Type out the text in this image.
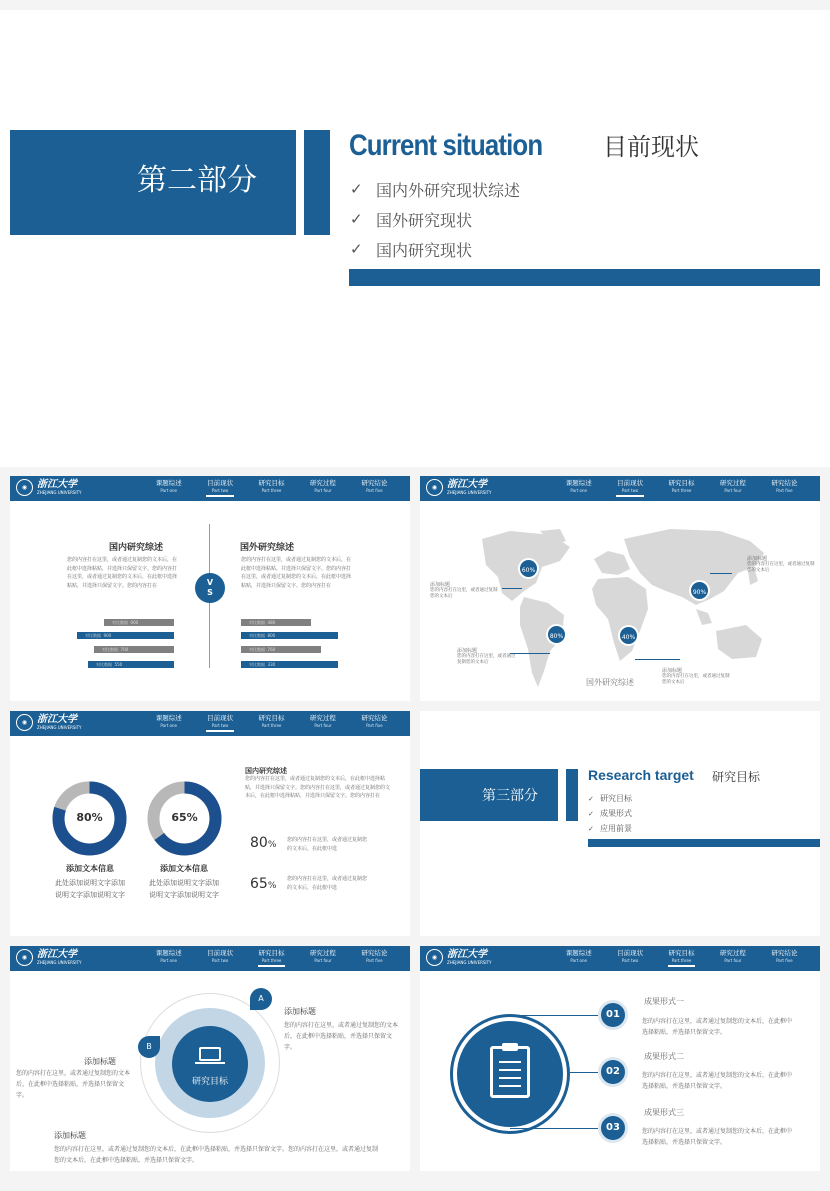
第二部分
Current situation	目前现状
✓ 国内外研究现状综述
✓ 国外研究现状
✓ 国内研究现状
◉ 浙江大学
ZHEJIANG UNIVERSITY
课题综述
Part one
目前现状
Part two
研究目标
Part three
研究过程
Part four
研究结论
Part five
国内研究综述
您的内容打在这里，或者通过复制您的文本后，在此框中选择粘贴，并选择只保留文字。您的内容打在这里，或者通过复制您的文本后，在此框中选择粘贴，并选择只保留文字。您的内容打在
国外研究综述
您的内容打在这里，或者通过复制您的文本后，在此框中选择粘贴，并选择只保留文字。您的内容打在这里，或者通过复制您的文本后，在此框中选择粘贴，并选择只保留文字。您的内容打在
V
S
对比数据 000
对比数据 900
对比数据 700
对比数据 550
对比数据 480
对比数据 800
对比数据 760
对比数据 330
◉ 浙江大学
ZHEJIANG UNIVERSITY
课题综述
Part one
目前现状
Part two
研究目标
Part three
研究过程
Part four
研究结论
Part five
60%
90%
80%	40%
添加标题
您的内容打在这里，或者通过复制您的文本后
添加标题
您的内容打在这里，或者通过复制您的文本后
添加标题
您的内容打在这里，或者通过复制您的文本后
添加标题
您的内容打在这里，或者通过复制您的文本后
国外研究综述
◉ 浙江大学
ZHEJIANG UNIVERSITY
课题综述
Part one
目前现状
Part two
研究目标
Part three
研究过程
Part four
研究结论
Part five
80%	65%
添加文本信息
此处添加说明文字添加说明文字添加说明文字
添加文本信息
此处添加说明文字添加说明文字添加说明文字
国内研究综述
您的内容打在这里，或者通过复制您的文本后，在此框中选择粘贴，并选择只保留文字。您的内容打在这里，或者通过复制您的文本后，在此框中选择粘贴，并选择只保留文字。您的内容打在
80% 您的内容打在这里，或者通过复制您的文本后，在此框中选
65%
您的内容打在这里，或者通过复制您的文本后，在此框中选
第三部分
Research target 研究目标
✓ 研究目标
✓ 成果形式
✓ 应用前景
◉ 浙江大学
ZHEJIANG UNIVERSITY
课题综述
Part one
目前现状
Part two
研究目标
Part three
研究过程
Part four
研究结论
Part five
研究目标
A
B
添加标题
您的内容打在这里，或者通过复制您的文本后，在此框中选择粘贴，并选择只保留文字。
添加标题
您的内容打在这里，或者通过复制您的文本后，在此框中选择粘贴，并选择只保留文字。
添加标题
您的内容打在这里，或者通过复制您的文本后，在此框中选择粘贴，并选择只保留文字。您的内容打在这里，或者通过复制您的文本后，在此框中选择粘贴，并选择只保留文字。
◉ 浙江大学
ZHEJIANG UNIVERSITY
课题综述
Part one
目前现状
Part two
研究目标
Part three
研究过程
Part four
研究结论
Part five
01
02
03
成果形式一
您的内容打在这里，或者通过复制您的文本后，在此框中选择粘贴，并选择只保留文字。
成果形式二
您的内容打在这里，或者通过复制您的文本后，在此框中选择粘贴，并选择只保留文字。
成果形式三
您的内容打在这里，或者通过复制您的文本后，在此框中选择粘贴，并选择只保留文字。
